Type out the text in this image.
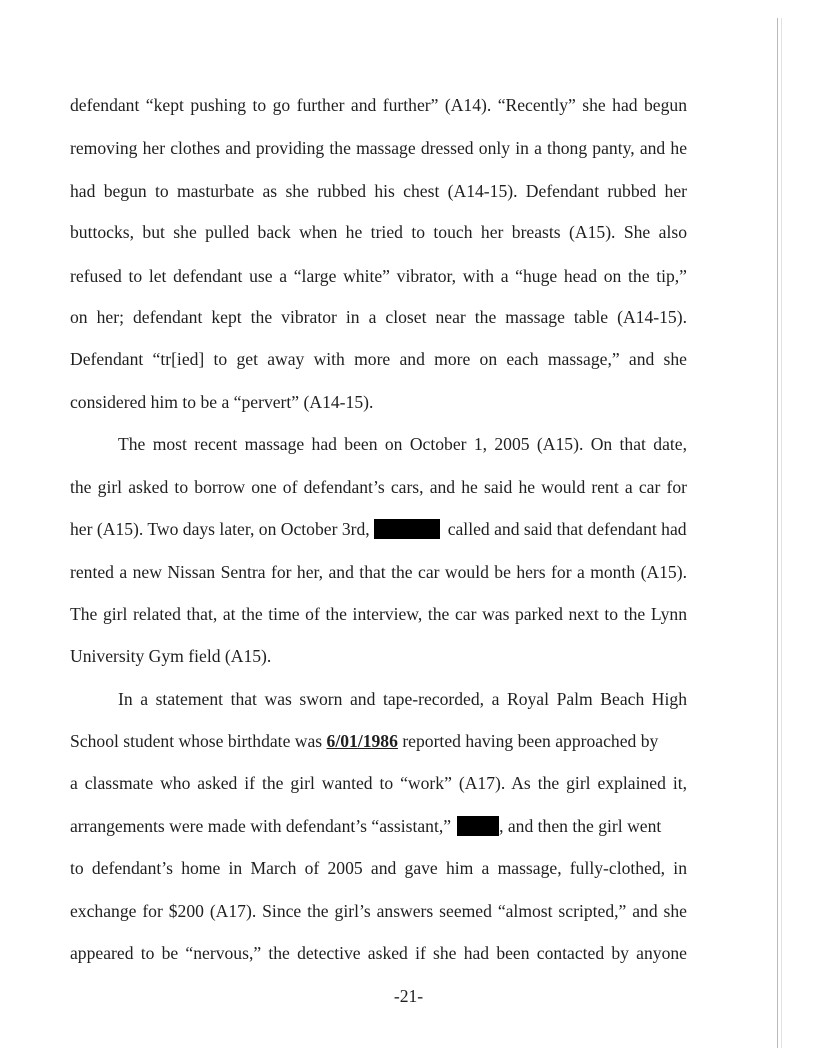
defendant “kept pushing to go further and further” (A14). “Recently” she had begun
removing her clothes and providing the massage dressed only in a thong panty, and he
had begun to masturbate as she rubbed his chest (A14-15). Defendant rubbed her
buttocks, but she pulled back when he tried to touch her breasts (A15). She also
refused to let defendant use a “large white” vibrator, with a “huge head on the tip,”
on her; defendant kept the vibrator in a closet near the massage table (A14-15).
Defendant “tr[ied] to get away with more and more on each massage,” and she
considered him to be a “pervert” (A14-15).
The most recent massage had been on October 1, 2005 (A15). On that date,
the girl asked to borrow one of defendant’s cars, and he said he would rent a car for
her (A15). Two days later, on October 3rd,	called and said that defendant had
rented a new Nissan Sentra for her, and that the car would be hers for a month (A15).
The girl related that, at the time of the interview, the car was parked next to the Lynn
University Gym field (A15).
In a statement that was sworn and tape-recorded, a Royal Palm Beach High
School student whose birthdate was 6/01/1986 reported having been approached by
a classmate who asked if the girl wanted to “work” (A17). As the girl explained it,
arrangements were made with defendant’s “assistant,”	, and then the girl went
to defendant’s home in March of 2005 and gave him a massage, fully-clothed, in
exchange for $200 (A17). Since the girl’s answers seemed “almost scripted,” and she
appeared to be “nervous,” the detective asked if she had been contacted by anyone
-21-
